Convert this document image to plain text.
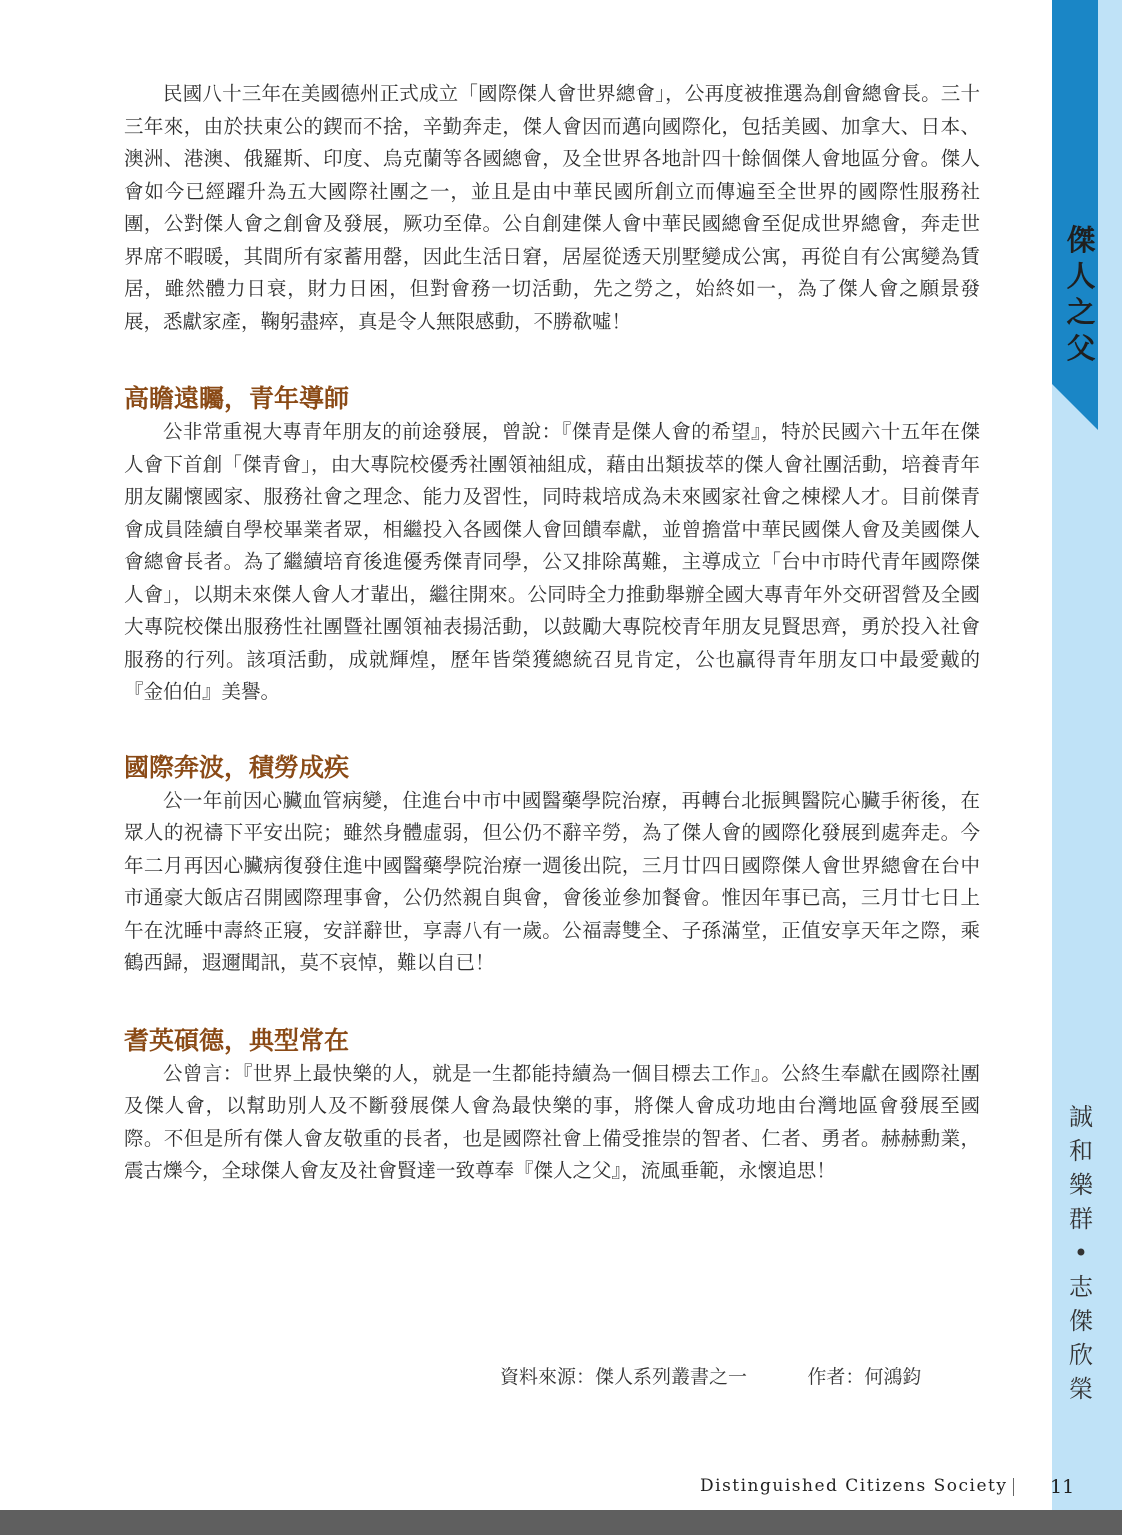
傑人之父
誠和樂群
•
志傑欣榮

民國八十三年在美國德州正式成立「國際傑人會世界總會」，公再度被推選為創會總會長。三十三年來，由於扶東公的鍥而不捨，辛勤奔走，傑人會因而邁向國際化，包括美國、加拿大、日本、澳洲、港澳、俄羅斯、印度、烏克蘭等各國總會，及全世界各地計四十餘個傑人會地區分會。傑人會如今已經躍升為五大國際社團之一，並且是由中華民國所創立而傳遍至全世界的國際性服務社團，公對傑人會之創會及發展，厥功至偉。公自創建傑人會中華民國總會至促成世界總會，奔走世界席不暇暖，其間所有家蓄用罄，因此生活日窘，居屋從透天別墅變成公寓，再從自有公寓變為賃居，雖然體力日衰，財力日困，但對會務一切活動，先之勞之，始終如一，為了傑人會之願景發展，悉獻家產，鞠躬盡瘁，真是令人無限感動，不勝欷噓！

高瞻遠矚，青年導師

公非常重視大專青年朋友的前途發展，曾說：『傑青是傑人會的希望』，特於民國六十五年在傑人會下首創「傑青會」，由大專院校優秀社團領袖組成，藉由出類拔萃的傑人會社團活動，培養青年朋友關懷國家、服務社會之理念、能力及習性，同時栽培成為未來國家社會之棟樑人才。目前傑青會成員陸續自學校畢業者眾，相繼投入各國傑人會回饋奉獻，並曾擔當中華民國傑人會及美國傑人會總會長者。為了繼續培育後進優秀傑青同學，公又排除萬難，主導成立「台中市時代青年國際傑人會」，以期未來傑人會人才輩出，繼往開來。公同時全力推動舉辦全國大專青年外交研習營及全國大專院校傑出服務性社團暨社團領袖表揚活動，以鼓勵大專院校青年朋友見賢思齊，勇於投入社會服務的行列。該項活動，成就輝煌，歷年皆榮獲總統召見肯定，公也贏得青年朋友口中最愛戴的『金伯伯』美譽。

國際奔波，積勞成疾

公一年前因心臟血管病變，住進台中市中國醫藥學院治療，再轉台北振興醫院心臟手術後，在眾人的祝禱下平安出院；雖然身體虛弱，但公仍不辭辛勞，為了傑人會的國際化發展到處奔走。今年二月再因心臟病復發住進中國醫藥學院治療一週後出院，三月廿四日國際傑人會世界總會在台中市通豪大飯店召開國際理事會，公仍然親自與會，會後並參加餐會。惟因年事已高，三月廿七日上午在沈睡中壽終正寢，安詳辭世，享壽八有一歲。公福壽雙全、子孫滿堂，正值安享天年之際，乘鶴西歸，遐邇聞訊，莫不哀悼，難以自已！

耆英碩德，典型常在

公曾言：『世界上最快樂的人，就是一生都能持續為一個目標去工作』。公終生奉獻在國際社團及傑人會，以幫助別人及不斷發展傑人會為最快樂的事，將傑人會成功地由台灣地區會發展至國際。不但是所有傑人會友敬重的長者，也是國際社會上備受推崇的智者、仁者、勇者。赫赫勳業，震古爍今，全球傑人會友及社會賢達一致尊奉『傑人之父』，流風垂範，永懷追思！

資料來源：傑人系列叢書之一	作者：何鴻鈞
Distinguished Citizens Society 11
